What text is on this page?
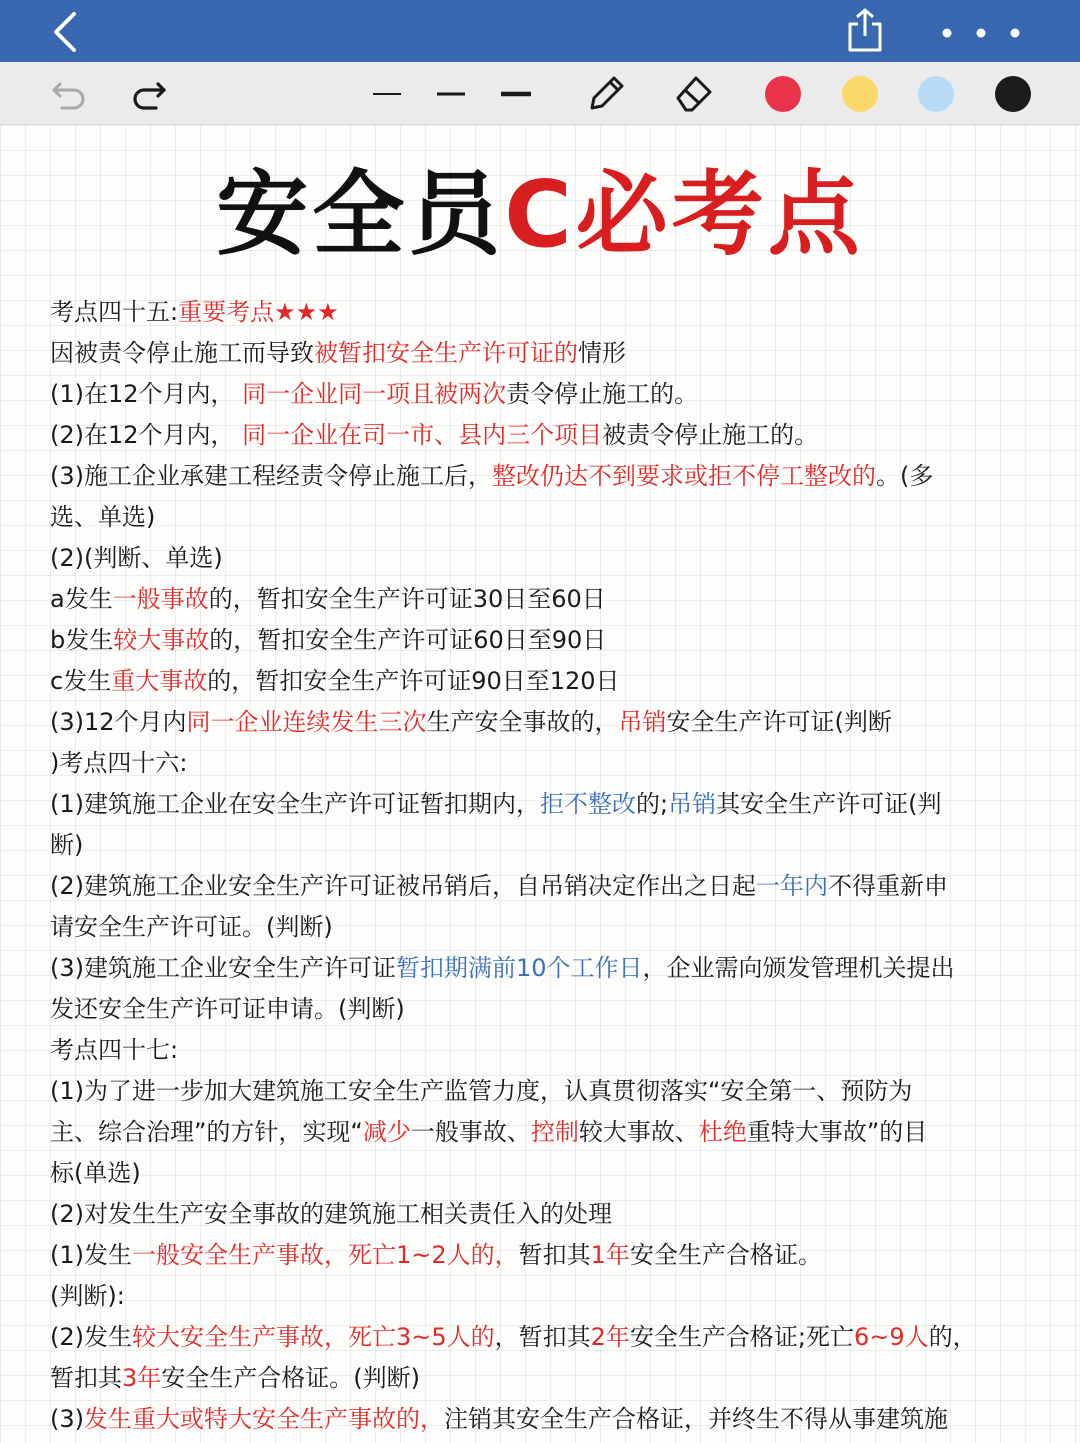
安全员C必考点
考点四十五:重要考点★★★
因被责令停止施工而导致被暂扣安全生产许可证的情形
(1)在12个月内， 同一企业同一项且被两次责令停止施工的。
(2)在12个月内， 同一企业在司一市、县内三个项目被责令停止施工的。
(3)施工企业承建工程经责令停止施工后，整改仍达不到要求或拒不停工整改的。(多
选、单选)
(2)(判断、单选)
a发生一般事故的，暂扣安全生产许可证30日至60日
b发生较大事故的，暂扣安全生产许可证60日至90日
c发生重大事故的，暂扣安全生产许可证90日至120日
(3)12个月内同一企业连续发生三次生产安全事故的，吊销安全生产许可证(判断
)考点四十六:
(1)建筑施工企业在安全生产许可证暂扣期内，拒不整改的;吊销其安全生产许可证(判
断)
(2)建筑施工企业安全生产许可证被吊销后，自吊销决定作出之日起一年内不得重新申
请安全生产许可证。(判断)
(3)建筑施工企业安全生产许可证暂扣期满前10个工作日，企业需向颁发管理机关提出
发还安全生产许可证申请。(判断)
考点四十七:
(1)为了进一步加大建筑施工安全生产监管力度，认真贯彻落实“安全第一、预防为
主、综合治理”的方针，实现“减少一般事故、控制较大事故、杜绝重特大事故”的目
标(单选)
(2)对发生生产安全事故的建筑施工相关责任入的处理
(1)发生一般安全生产事故，死亡1~2人的，暂扣其1年安全生产合格证。
(判断):
(2)发生较大安全生产事故，死亡3~5人的，暂扣其2年安全生产合格证;死亡6~9人的，
暂扣其3年安全生产合格证。(判断)
(3)发生重大或特大安全生产事故的，注销其安全生产合格证，并终生不得从事建筑施
